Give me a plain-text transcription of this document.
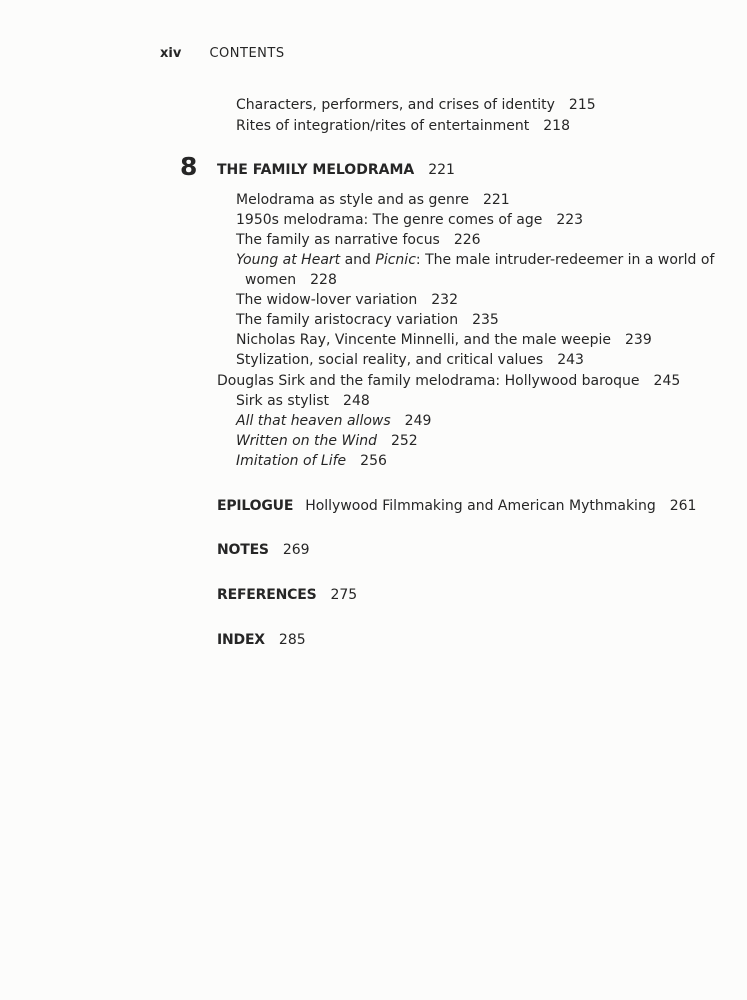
xiv CONTENTS
Characters, performers, and crises of identity 215
Rites of integration/rites of entertainment 218
8 THE FAMILY MELODRAMA 221
Melodrama as style and as genre 221
1950s melodrama: The genre comes of age 223
The family as narrative focus 226
Young at Heart and Picnic: The male intruder-redeemer in a world of
women 228
The widow-lover variation 232
The family aristocracy variation 235
Nicholas Ray, Vincente Minnelli, and the male weepie 239
Stylization, social reality, and critical values 243
Douglas Sirk and the family melodrama: Hollywood baroque 245
Sirk as stylist 248
All that heaven allows 249
Written on the Wind 252
Imitation of Life 256
EPILOGUE Hollywood Filmmaking and American Mythmaking 261
NOTES 269
REFERENCES 275
INDEX 285
